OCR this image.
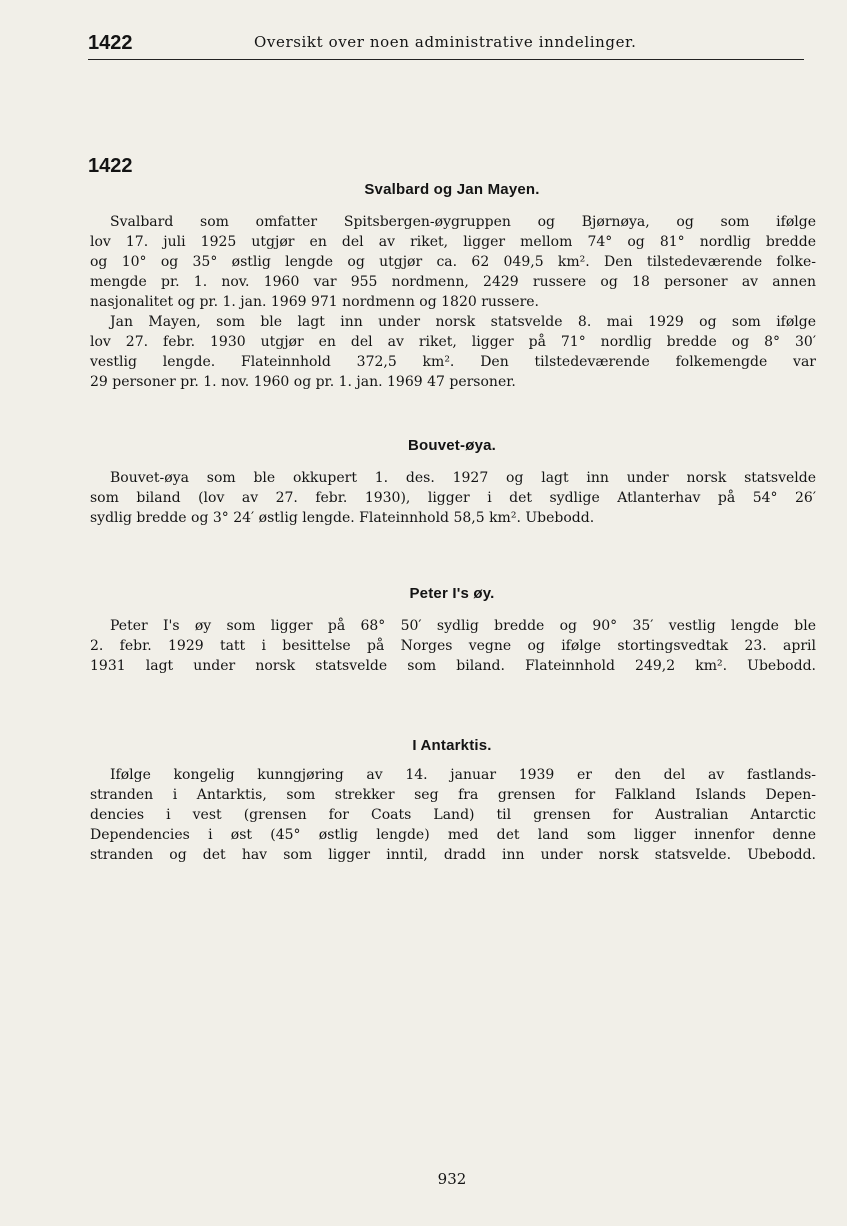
1422	Oversikt over noen administrative inndelinger.
1422
Svalbard og Jan Mayen.
Svalbard som omfatter Spitsbergen-øygruppen og Bjørnøya, og som ifølge
lov 17. juli 1925 utgjør en del av riket, ligger mellom 74° og 81° nordlig bredde
og 10° og 35° østlig lengde og utgjør ca. 62 049,5 km². Den tilstedeværende folke-
mengde pr. 1. nov. 1960 var 955 nordmenn, 2429 russere og 18 personer av annen
nasjonalitet og pr. 1. jan. 1969 971 nordmenn og 1820 russere.
Jan Mayen, som ble lagt inn under norsk statsvelde 8. mai 1929 og som ifølge
lov 27. febr. 1930 utgjør en del av riket, ligger på 71° nordlig bredde og 8° 30′
vestlig lengde. Flateinnhold 372,5 km². Den tilstedeværende folkemengde var
29 personer pr. 1. nov. 1960 og pr. 1. jan. 1969 47 personer.
Bouvet-øya.
Bouvet-øya som ble okkupert 1. des. 1927 og lagt inn under norsk statsvelde
som biland (lov av 27. febr. 1930), ligger i det sydlige Atlanterhav på 54° 26′
sydlig bredde og 3° 24′ østlig lengde. Flateinnhold 58,5 km². Ubebodd.
Peter I's øy.
Peter I's øy som ligger på 68° 50′ sydlig bredde og 90° 35′ vestlig lengde ble
2. febr. 1929 tatt i besittelse på Norges vegne og ifølge stortingsvedtak 23. april
1931 lagt under norsk statsvelde som biland. Flateinnhold 249,2 km². Ubebodd.
I Antarktis.
Ifølge kongelig kunngjøring av 14. januar 1939 er den del av fastlands-
stranden i Antarktis, som strekker seg fra grensen for Falkland Islands Depen-
dencies i vest (grensen for Coats Land) til grensen for Australian Antarctic
Dependencies i øst (45° østlig lengde) med det land som ligger innenfor denne
stranden og det hav som ligger inntil, dradd inn under norsk statsvelde. Ubebodd.
932
